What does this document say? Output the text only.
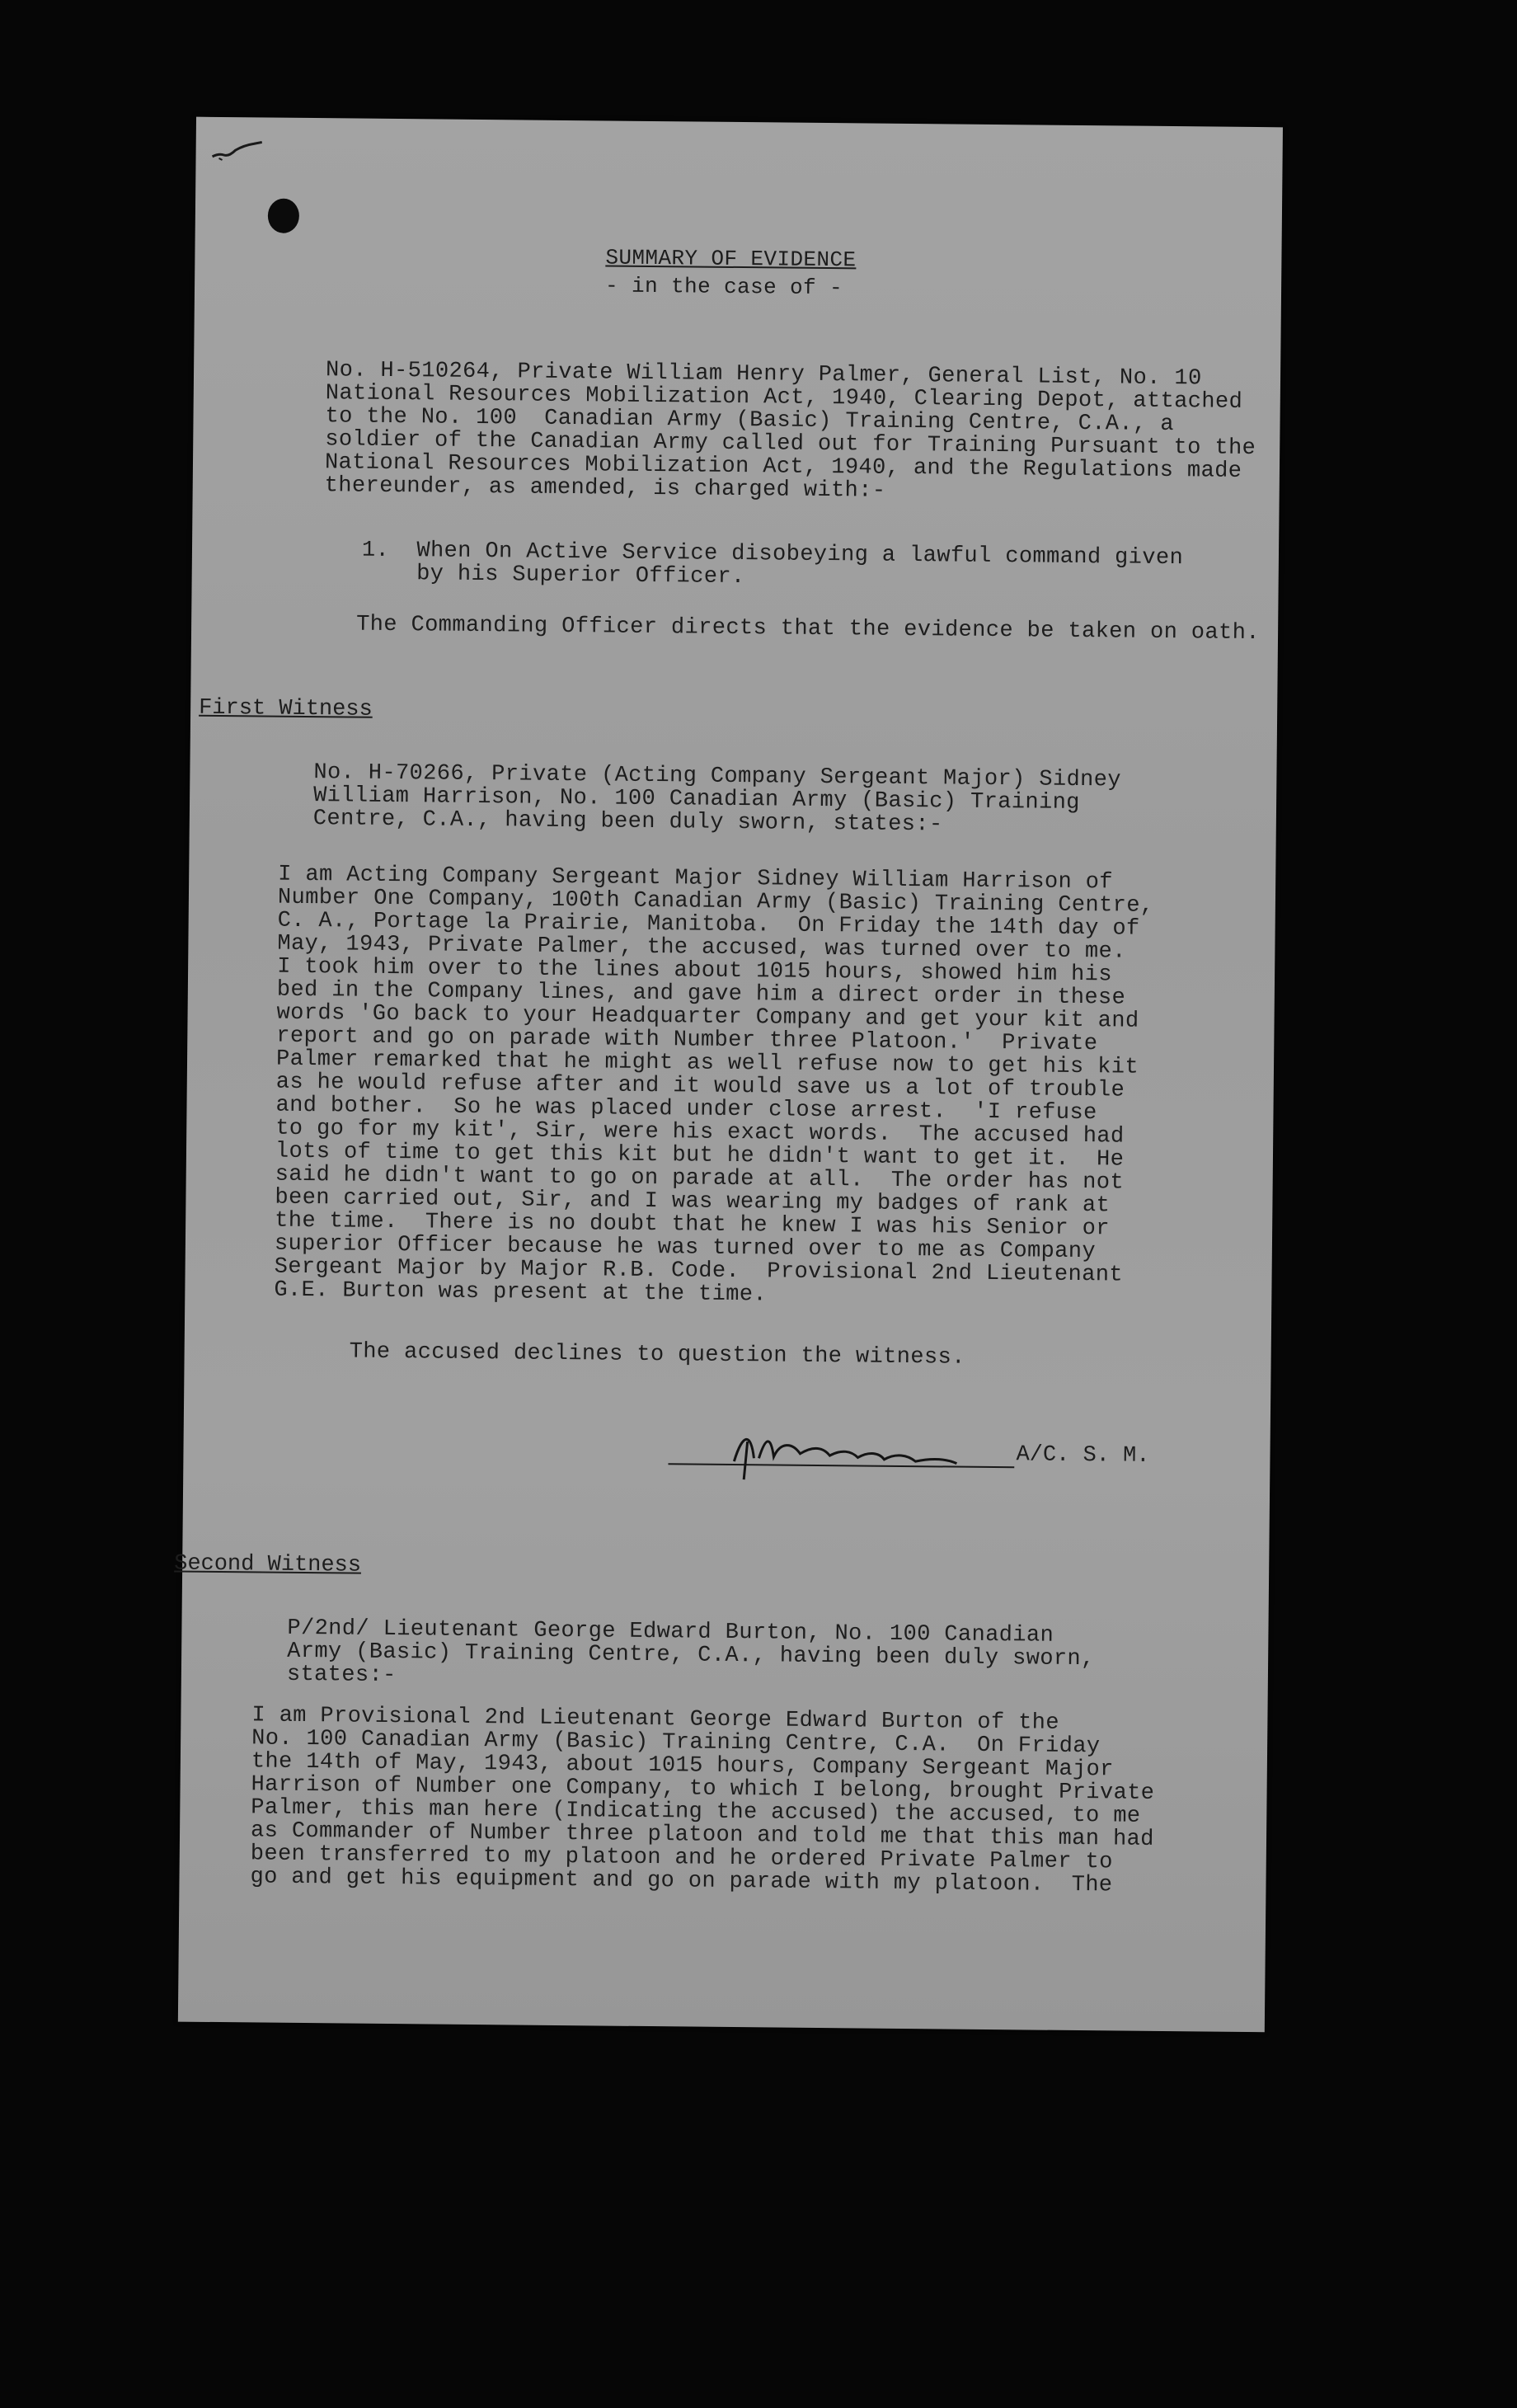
SUMMARY OF EVIDENCE
- in the case of -
No. H-510264, Private William Henry Palmer, General List, No. 10
National Resources Mobilization Act, 1940, Clearing Depot, attached
to the No. 100  Canadian Army (Basic) Training Centre, C.A., a
soldier of the Canadian Army called out for Training Pursuant to the
National Resources Mobilization Act, 1940, and the Regulations made
thereunder, as amended, is charged with:-
1.  When On Active Service disobeying a lawful command given
by his Superior Officer.
The Commanding Officer directs that the evidence be taken on oath.
First Witness
No. H-70266, Private (Acting Company Sergeant Major) Sidney
William Harrison, No. 100 Canadian Army (Basic) Training
Centre, C.A., having been duly sworn, states:-
I am Acting Company Sergeant Major Sidney William Harrison of
Number One Company, 100th Canadian Army (Basic) Training Centre,
C. A., Portage la Prairie, Manitoba.  On Friday the 14th day of
May, 1943, Private Palmer, the accused, was turned over to me.
I took him over to the lines about 1015 hours, showed him his
bed in the Company lines, and gave him a direct order in these
words 'Go back to your Headquarter Company and get your kit and
report and go on parade with Number three Platoon.'  Private
Palmer remarked that he might as well refuse now to get his kit
as he would refuse after and it would save us a lot of trouble
and bother.  So he was placed under close arrest.  'I refuse
to go for my kit', Sir, were his exact words.  The accused had
lots of time to get this kit but he didn't want to get it.  He
said he didn't want to go on parade at all.  The order has not
been carried out, Sir, and I was wearing my badges of rank at
the time.  There is no doubt that he knew I was his Senior or
superior Officer because he was turned over to me as Company
Sergeant Major by Major R.B. Code.  Provisional 2nd Lieutenant
G.E. Burton was present at the time.
The accused declines to question the witness.
A/C. S. M.
Second Witness
P/2nd/ Lieutenant George Edward Burton, No. 100 Canadian
Army (Basic) Training Centre, C.A., having been duly sworn,
states:-
I am Provisional 2nd Lieutenant George Edward Burton of the
No. 100 Canadian Army (Basic) Training Centre, C.A.  On Friday
the 14th of May, 1943, about 1015 hours, Company Sergeant Major
Harrison of Number one Company, to which I belong, brought Private
Palmer, this man here (Indicating the accused) the accused, to me
as Commander of Number three platoon and told me that this man had
been transferred to my platoon and he ordered Private Palmer to
go and get his equipment and go on parade with my platoon.  The
